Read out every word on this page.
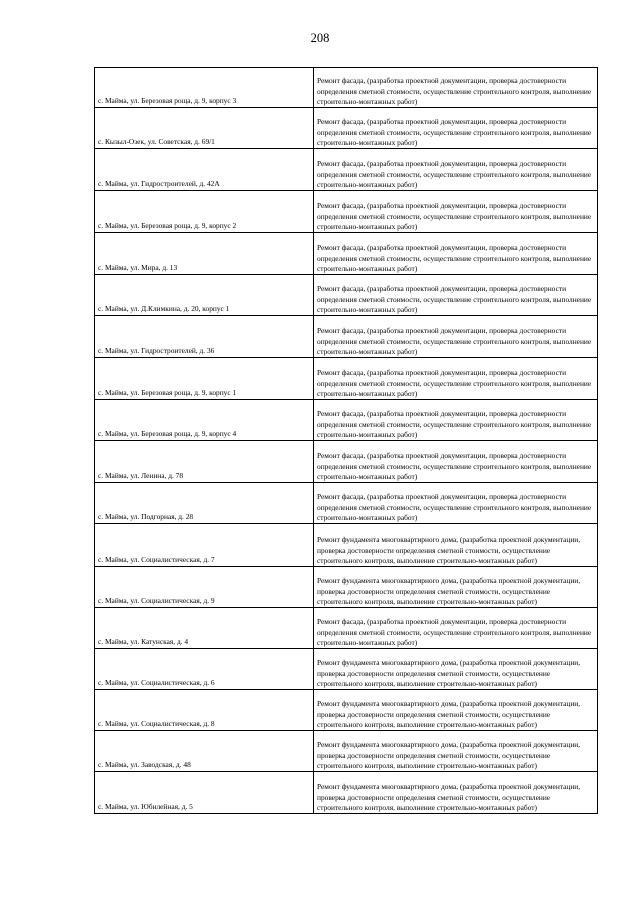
208
с. Майма, ул. Березовая роща, д. 9, корпус 3	Ремонт фасада, (разработка проектной документации, проверка достоверности определения сметной стоимости, осуществление строительного контроля, выполнение строительно-монтажных работ)
с. Кызыл-Озек, ул. Советская, д. 69/1	Ремонт фасада, (разработка проектной документации, проверка достоверности определения сметной стоимости, осуществление строительного контроля, выполнение строительно-монтажных работ)
с. Майма, ул. Гидростроителей, д. 42А	Ремонт фасада, (разработка проектной документации, проверка достоверности определения сметной стоимости, осуществление строительного контроля, выполнение строительно-монтажных работ)
с. Майма, ул. Березовая роща, д. 9, корпус 2	Ремонт фасада, (разработка проектной документации, проверка достоверности определения сметной стоимости, осуществление строительного контроля, выполнение строительно-монтажных работ)
с. Майма, ул. Мира, д. 13	Ремонт фасада, (разработка проектной документации, проверка достоверности определения сметной стоимости, осуществление строительного контроля, выполнение строительно-монтажных работ)
с. Майма, ул. Д.Климкина, д. 20, корпус 1	Ремонт фасада, (разработка проектной документации, проверка достоверности определения сметной стоимости, осуществление строительного контроля, выполнение строительно-монтажных работ)
с. Майма, ул. Гидростроителей, д. 36	Ремонт фасада, (разработка проектной документации, проверка достоверности определения сметной стоимости, осуществление строительного контроля, выполнение строительно-монтажных работ)
с. Майма, ул. Березовая роща, д. 9, корпус 1	Ремонт фасада, (разработка проектной документации, проверка достоверности определения сметной стоимости, осуществление строительного контроля, выполнение строительно-монтажных работ)
с. Майма, ул. Березовая роща, д. 9, корпус 4	Ремонт фасада, (разработка проектной документации, проверка достоверности определения сметной стоимости, осуществление строительного контроля, выполнение строительно-монтажных работ)
с. Майма, ул. Ленина, д. 78	Ремонт фасада, (разработка проектной документации, проверка достоверности определения сметной стоимости, осуществление строительного контроля, выполнение строительно-монтажных работ)
с. Майма, ул. Подгорная, д. 28	Ремонт фасада, (разработка проектной документации, проверка достоверности определения сметной стоимости, осуществление строительного контроля, выполнение строительно-монтажных работ)
с. Майма, ул. Социалистическая, д. 7	Ремонт фундамента многоквартирного дома, (разработка проектной документации, проверка достоверности определения сметной стоимости, осуществление строительного контроля, выполнение строительно-монтажных работ)
с. Майма, ул. Социалистическая, д. 9	Ремонт фундамента многоквартирного дома, (разработка проектной документации, проверка достоверности определения сметной стоимости, осуществление строительного контроля, выполнение строительно-монтажных работ)
с. Майма, ул. Катунская, д. 4	Ремонт фасада, (разработка проектной документации, проверка достоверности определения сметной стоимости, осуществление строительного контроля, выполнение строительно-монтажных работ)
с. Майма, ул. Социалистическая, д. 6	Ремонт фундамента многоквартирного дома, (разработка проектной документации, проверка достоверности определения сметной стоимости, осуществление строительного контроля, выполнение строительно-монтажных работ)
с. Майма, ул. Социалистическая, д. 8	Ремонт фундамента многоквартирного дома, (разработка проектной документации, проверка достоверности определения сметной стоимости, осуществление строительного контроля, выполнение строительно-монтажных работ)
с. Майма, ул. Заводская, д. 48	Ремонт фундамента многоквартирного дома, (разработка проектной документации, проверка достоверности определения сметной стоимости, осуществление строительного контроля, выполнение строительно-монтажных работ)
с. Майма, ул. Юбилейная, д. 5	Ремонт фундамента многоквартирного дома, (разработка проектной документации, проверка достоверности определения сметной стоимости, осуществление строительного контроля, выполнение строительно-монтажных работ)
